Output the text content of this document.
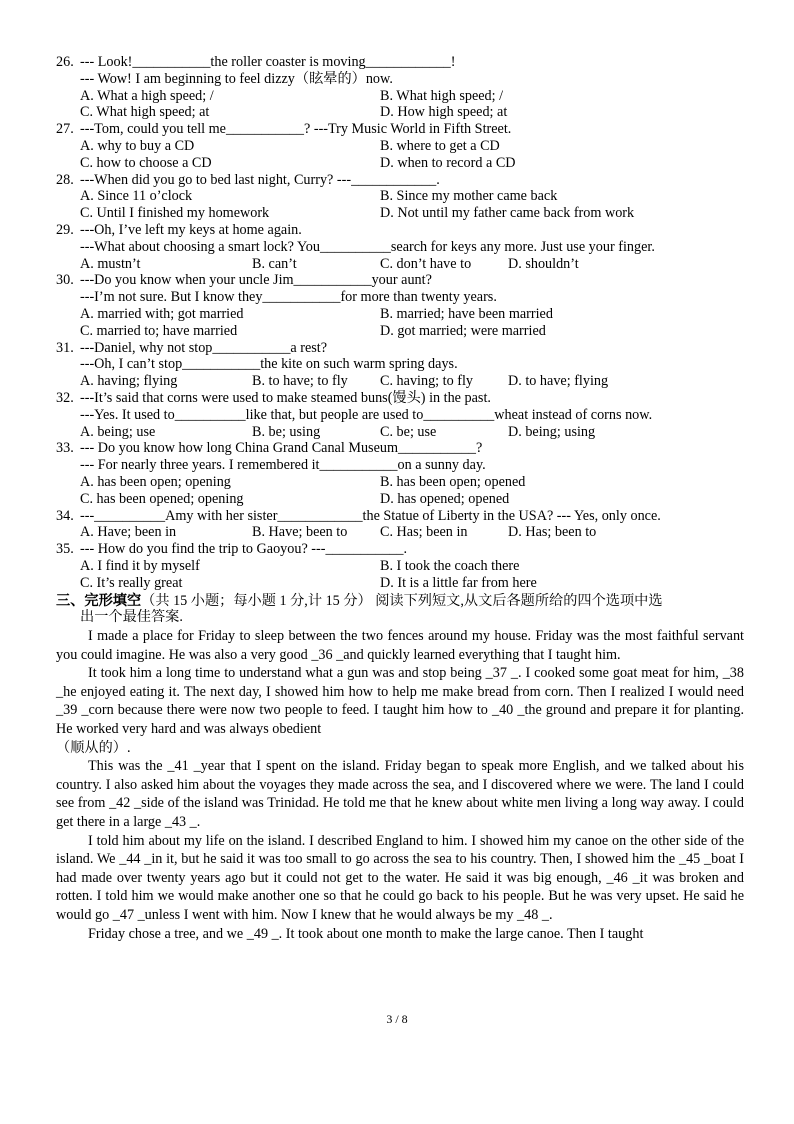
26. --- Look!___________the roller coaster is moving____________!
--- Wow! I am beginning to feel dizzy（眩晕的）now.
A. What a high speed; /	B. What high speed; /
C. What high speed; at	D. How high speed; at
27. ---Tom, could you tell me___________? ---Try Music World in Fifth Street.
A. why to buy a CD	B. where to get a CD
C. how to choose a CD	D. when to record a CD
28. ---When did you go to bed last night, Curry? ---____________.
A. Since 11 o’clock	B. Since my mother came back
C. Until I finished my homework	D. Not until my father came back from work
29. ---Oh, I’ve left my keys at home again.
---What about choosing a smart lock? You__________search for keys any more. Just use your finger.
A. mustn’t	B. can’t	C. don’t have to	D. shouldn’t
30. ---Do you know when your uncle Jim___________your aunt?
---I’m not sure. But I know they___________for more than twenty years.
A. married with; got married	B. married; have been married
C. married to; have married	D. got married; were married
31. ---Daniel, why not stop___________a rest?
---Oh, I can’t stop___________the kite on such warm spring days.
A. having; flying	B. to have; to fly	C. having; to fly	D. to have; flying
32. ---It’s said that corns were used to make steamed buns(馒头) in the past.
---Yes. It used to__________like that, but people are used to__________wheat instead of corns now.
A. being; use	B. be; using	C. be; use	D. being; using
33. --- Do you know how long China Grand Canal Museum___________?
--- For nearly three years. I remembered it___________on a sunny day.
A. has been open; opening	B. has been open; opened
C. has been opened; opening	D. has opened; opened
34. ---__________Amy with her sister____________the Statue of Liberty in the USA? --- Yes, only once.
A. Have; been in	B. Have; been to	C. Has; been in	D. Has; been to
35. --- How do you find the trip to Gaoyou? ---___________.
A. I find it by myself	B. I took the coach there
C. It’s really great	D. It is a little far from here
三、完形填空（共 15 小题；每小题 1 分,计 15 分） 阅读下列短文,从文后各题所给的四个选项中选
出一个最佳答案.

I made a place for Friday to sleep between the two fences around my house. Friday was the most faithful servant you could imagine. He was also a very good _36 _and quickly learned everything that I taught him.

It took him a long time to understand what a gun was and stop being _37 _. I cooked some goat meat for him, _38 _he enjoyed eating it. The next day, I showed him how to help me make bread from corn. Then I realized I would need _39 _corn because there were now two people to feed. I taught him how to _40 _the ground and prepare it for planting. He worked very hard and was always obedient

（顺从的）.

This was the _41 _year that I spent on the island. Friday began to speak more English, and we talked about his country. I also asked him about the voyages they made across the sea, and I discovered where we were. The land I could see from _42 _side of the island was Trinidad. He told me that he knew about white men living a long way away. I could get there in a large _43 _.

I told him about my life on the island. I described England to him. I showed him my canoe on the other side of the island. We _44 _in it, but he said it was too small to go across the sea to his country. Then, I showed him the _45 _boat I had made over twenty years ago but it could not get to the water. He said it was big enough, _46 _it was broken and rotten. I told him we would make another one so that he could go back to his people. But he was very upset. He said he would go _47 _unless I went with him. Now I knew that he would always be my _48 _.

Friday chose a tree, and we _49 _. It took about one month to make the large canoe. Then I taught

3 / 8
